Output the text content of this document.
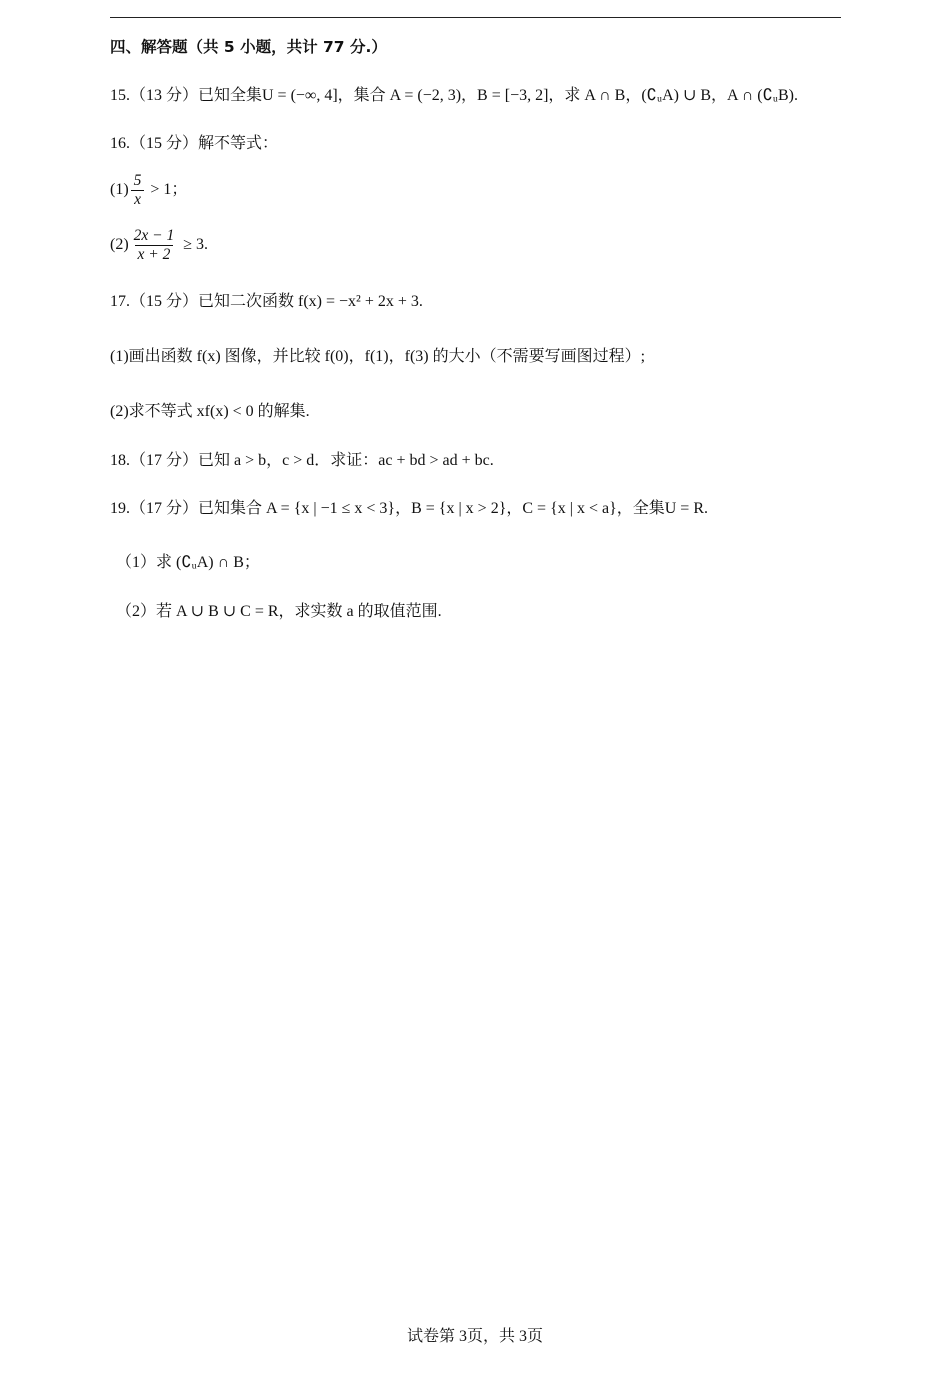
四、解答题（共 5 小题，共计 77 分.）
15.（13 分）已知全集U = (−∞, 4]，集合 A = (−2, 3)，B = [−3, 2]，求 A ∩ B，(∁ᵤA) ∪ B，A ∩ (∁ᵤB).
16.（15 分）解不等式：
$(1) \frac{5}{x} > 1$；
$(2) \frac{2x - 1}{x + 2} \ge 3$.
17.（15 分）已知二次函数 f(x) = −x² + 2x + 3.
(1)画出函数 f(x) 图像，并比较 f(0)，f(1)，f(3) 的大小（不需要写画图过程）;
(2)求不等式 xf(x) < 0 的解集.
18.（17 分）已知 a > b，c > d．求证：ac + bd > ad + bc.
19.（17 分）已知集合 A = {x | −1 ≤ x < 3}，B = {x | x > 2}，C = {x | x < a}，全集U = R.
（1）求 (∁ᵤA) ∩ B；
（2）若 A ∪ B ∪ C = R，求实数 a 的取值范围.
试卷第 3页，共 3页
